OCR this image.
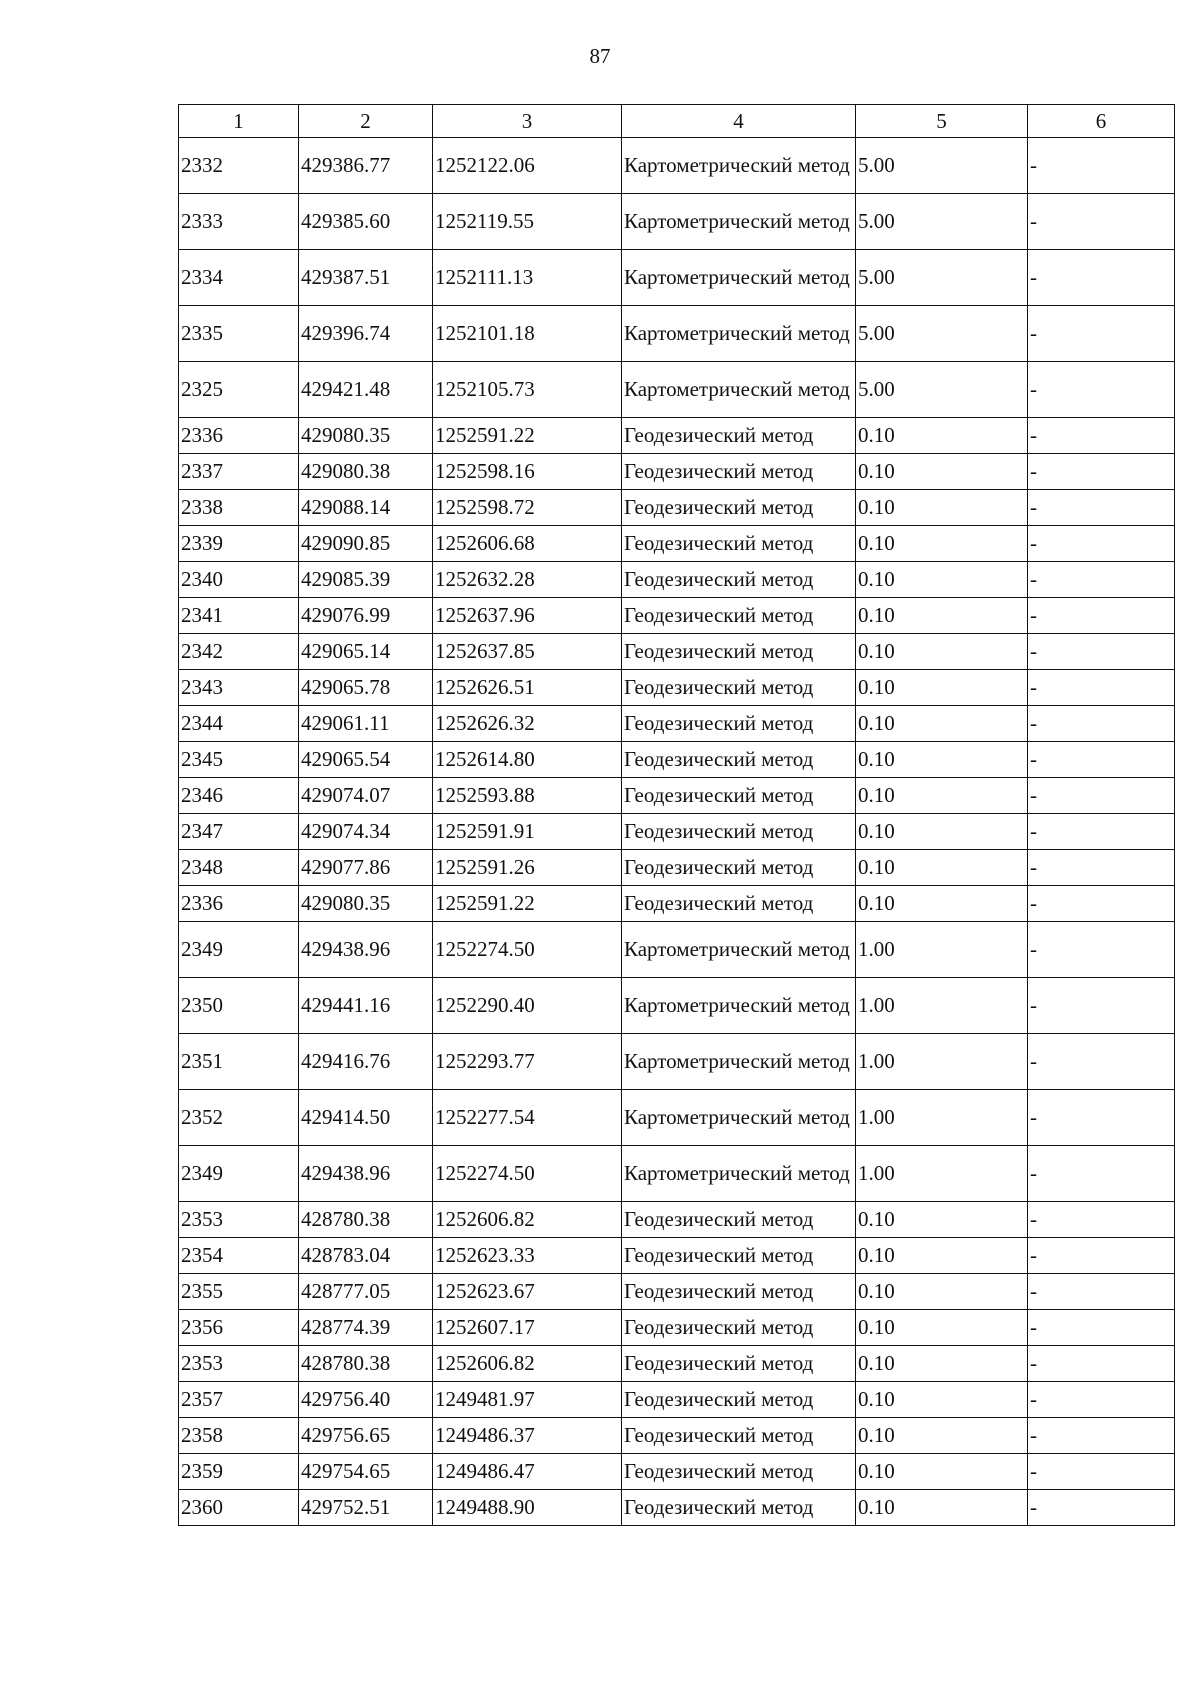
87
1	2	3	4	5	6
2332	429386.77	1252122.06	Картометрический метод	5.00	-
2333	429385.60	1252119.55	Картометрический метод	5.00	-
2334	429387.51	1252111.13	Картометрический метод	5.00	-
2335	429396.74	1252101.18	Картометрический метод	5.00	-
2325	429421.48	1252105.73	Картометрический метод	5.00	-
2336	429080.35	1252591.22	Геодезический метод	0.10	-
2337	429080.38	1252598.16	Геодезический метод	0.10	-
2338	429088.14	1252598.72	Геодезический метод	0.10	-
2339	429090.85	1252606.68	Геодезический метод	0.10	-
2340	429085.39	1252632.28	Геодезический метод	0.10	-
2341	429076.99	1252637.96	Геодезический метод	0.10	-
2342	429065.14	1252637.85	Геодезический метод	0.10	-
2343	429065.78	1252626.51	Геодезический метод	0.10	-
2344	429061.11	1252626.32	Геодезический метод	0.10	-
2345	429065.54	1252614.80	Геодезический метод	0.10	-
2346	429074.07	1252593.88	Геодезический метод	0.10	-
2347	429074.34	1252591.91	Геодезический метод	0.10	-
2348	429077.86	1252591.26	Геодезический метод	0.10	-
2336	429080.35	1252591.22	Геодезический метод	0.10	-
2349	429438.96	1252274.50	Картометрический метод	1.00	-
2350	429441.16	1252290.40	Картометрический метод	1.00	-
2351	429416.76	1252293.77	Картометрический метод	1.00	-
2352	429414.50	1252277.54	Картометрический метод	1.00	-
2349	429438.96	1252274.50	Картометрический метод	1.00	-
2353	428780.38	1252606.82	Геодезический метод	0.10	-
2354	428783.04	1252623.33	Геодезический метод	0.10	-
2355	428777.05	1252623.67	Геодезический метод	0.10	-
2356	428774.39	1252607.17	Геодезический метод	0.10	-
2353	428780.38	1252606.82	Геодезический метод	0.10	-
2357	429756.40	1249481.97	Геодезический метод	0.10	-
2358	429756.65	1249486.37	Геодезический метод	0.10	-
2359	429754.65	1249486.47	Геодезический метод	0.10	-
2360	429752.51	1249488.90	Геодезический метод	0.10	-
